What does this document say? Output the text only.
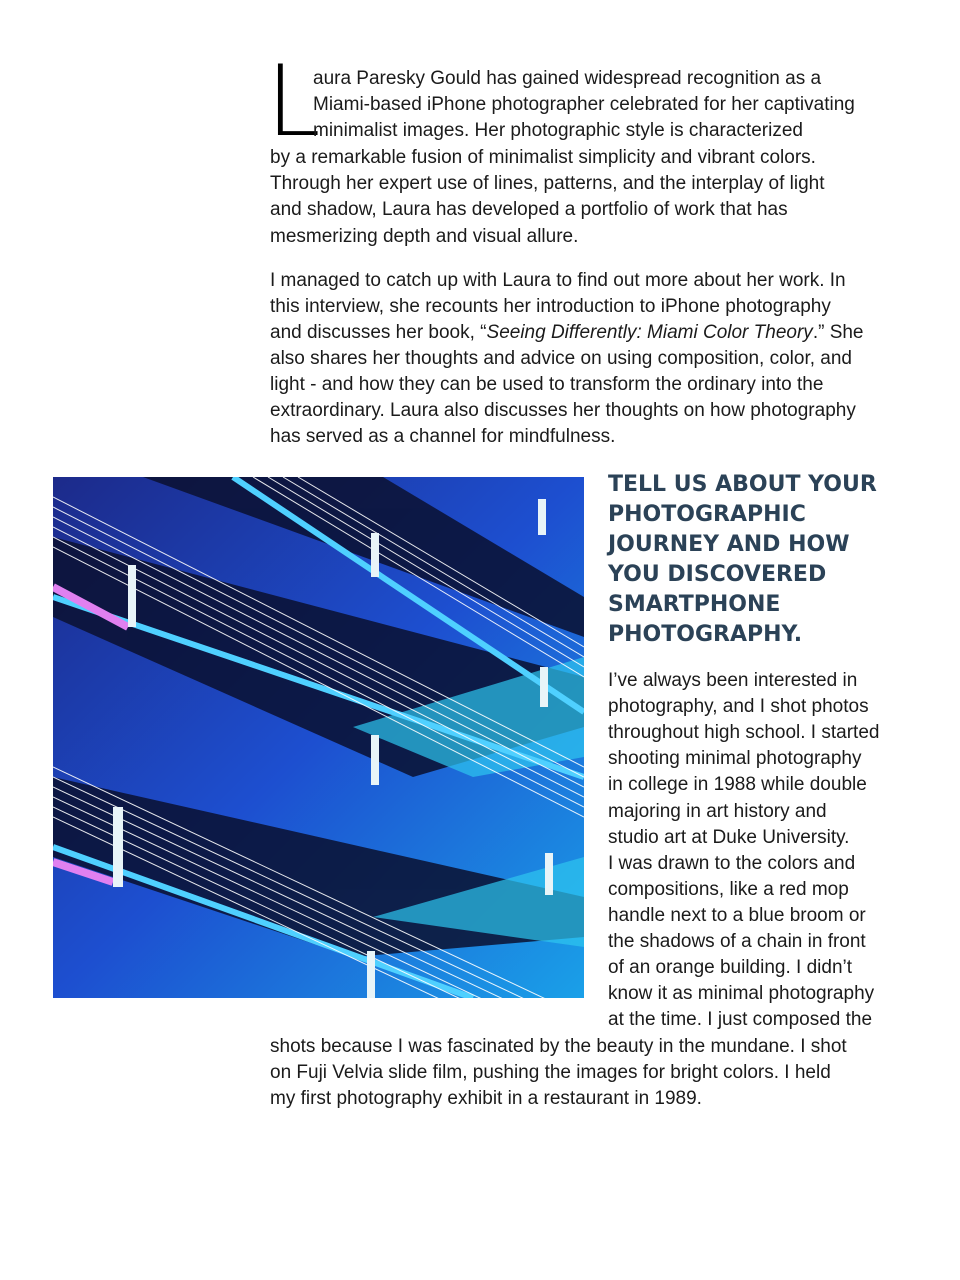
L
aura Paresky Gould has gained widespread recognition as a
Miami-based iPhone photographer celebrated for her captivating
minimalist images. Her photographic style is characterized
by a remarkable fusion of minimalist simplicity and vibrant colors.
Through her expert use of lines, patterns, and the interplay of light
and shadow, Laura has developed a portfolio of work that has
mesmerizing depth and visual allure.
I managed to catch up with Laura to find out more about her work. In
this interview, she recounts her introduction to iPhone photography
and discusses her book, “Seeing Differently: Miami Color Theory.” She
also shares her thoughts and advice on using composition, color, and
light - and how they can be used to transform the ordinary into the
extraordinary. Laura also discusses her thoughts on how photography
has served as a channel for mindfulness.
TELL US ABOUT YOUR
PHOTOGRAPHIC
JOURNEY AND HOW
YOU DISCOVERED
SMARTPHONE
PHOTOGRAPHY.
I’ve always been interested in
photography, and I shot photos
throughout high school. I started
shooting minimal photography
in college in 1988 while double
majoring in art history and
studio art at Duke University.
I was drawn to the colors and
compositions, like a red mop
handle next to a blue broom or
the shadows of a chain in front
of an orange building. I didn’t
know it as minimal photography
at the time. I just composed the
shots because I was fascinated by the beauty in the mundane. I shot
on Fuji Velvia slide film, pushing the images for bright colors. I held
my first photography exhibit in a restaurant in 1989.
